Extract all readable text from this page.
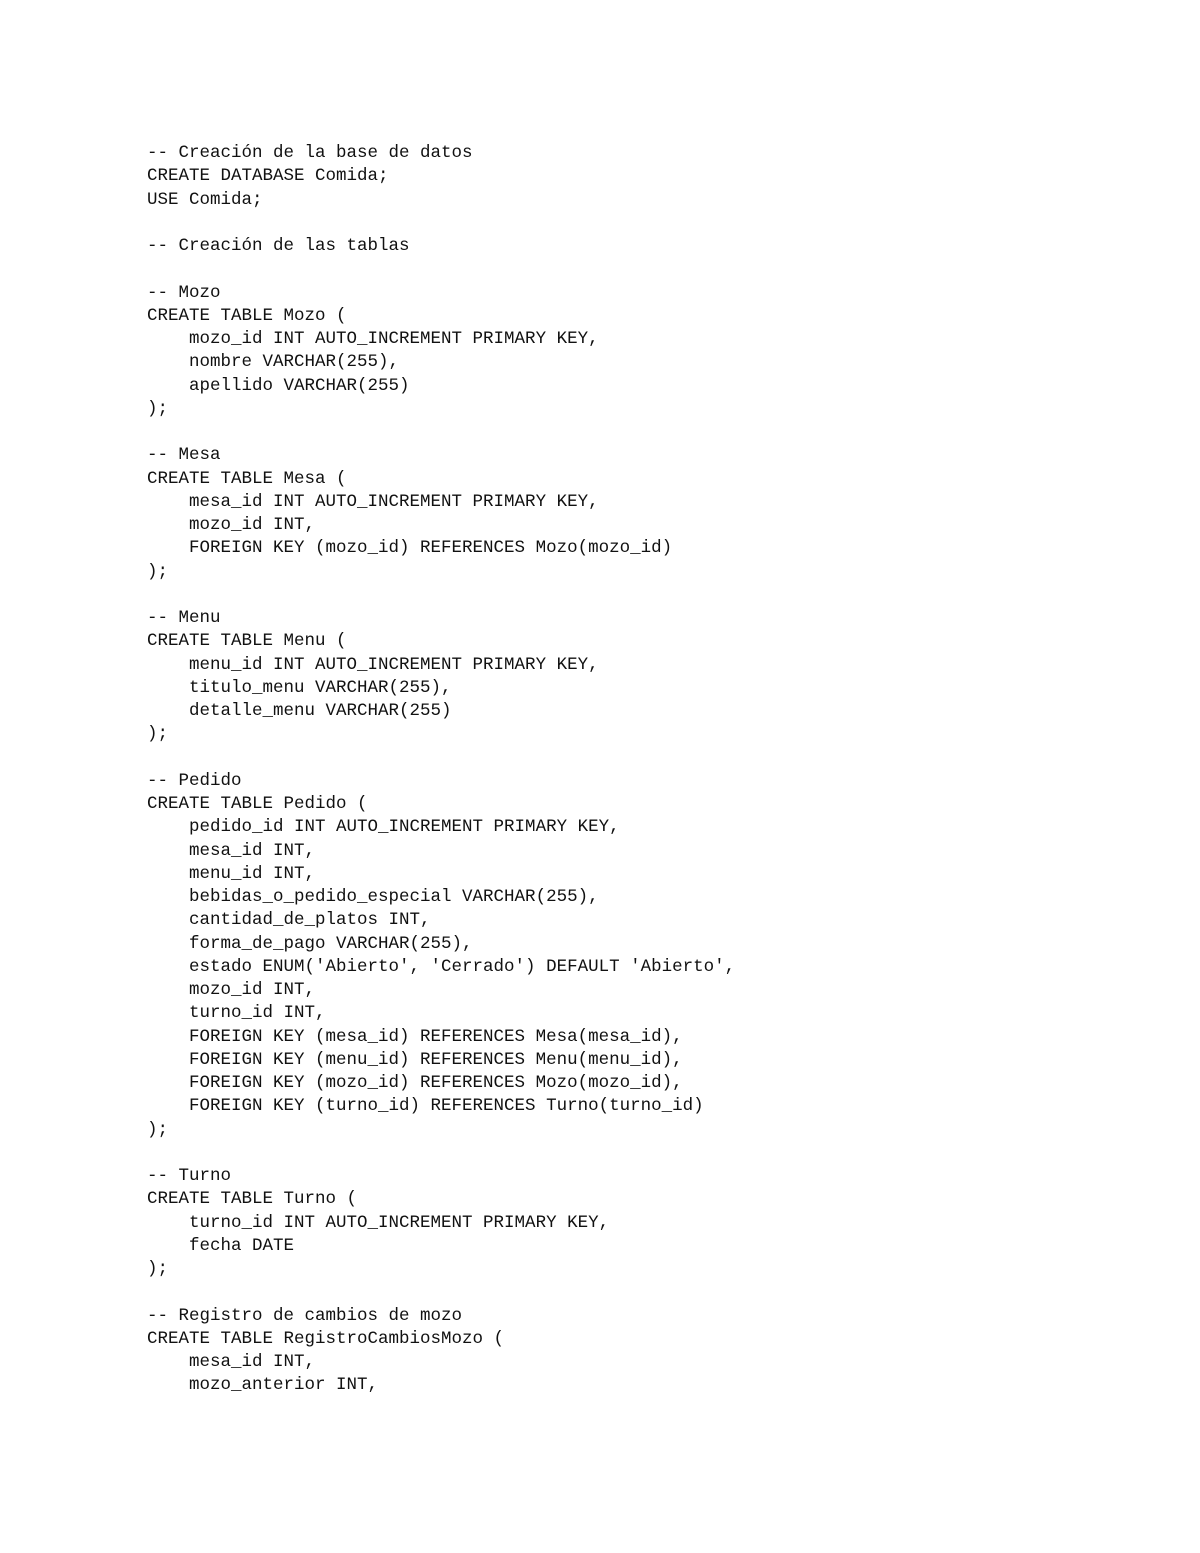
-- Creación de la base de datos
CREATE DATABASE Comida;
USE Comida;
-- Creación de las tablas
-- Mozo
CREATE TABLE Mozo (
mozo_id INT AUTO_INCREMENT PRIMARY KEY,
nombre VARCHAR(255),
apellido VARCHAR(255)
);
-- Mesa
CREATE TABLE Mesa (
mesa_id INT AUTO_INCREMENT PRIMARY KEY,
mozo_id INT,
FOREIGN KEY (mozo_id) REFERENCES Mozo(mozo_id)
);
-- Menu
CREATE TABLE Menu (
menu_id INT AUTO_INCREMENT PRIMARY KEY,
titulo_menu VARCHAR(255),
detalle_menu VARCHAR(255)
);
-- Pedido
CREATE TABLE Pedido (
pedido_id INT AUTO_INCREMENT PRIMARY KEY,
mesa_id INT,
menu_id INT,
bebidas_o_pedido_especial VARCHAR(255),
cantidad_de_platos INT,
forma_de_pago VARCHAR(255),
estado ENUM('Abierto', 'Cerrado') DEFAULT 'Abierto',
mozo_id INT,
turno_id INT,
FOREIGN KEY (mesa_id) REFERENCES Mesa(mesa_id),
FOREIGN KEY (menu_id) REFERENCES Menu(menu_id),
FOREIGN KEY (mozo_id) REFERENCES Mozo(mozo_id),
FOREIGN KEY (turno_id) REFERENCES Turno(turno_id)
);
-- Turno
CREATE TABLE Turno (
turno_id INT AUTO_INCREMENT PRIMARY KEY,
fecha DATE
);
-- Registro de cambios de mozo
CREATE TABLE RegistroCambiosMozo (
mesa_id INT,
mozo_anterior INT,
